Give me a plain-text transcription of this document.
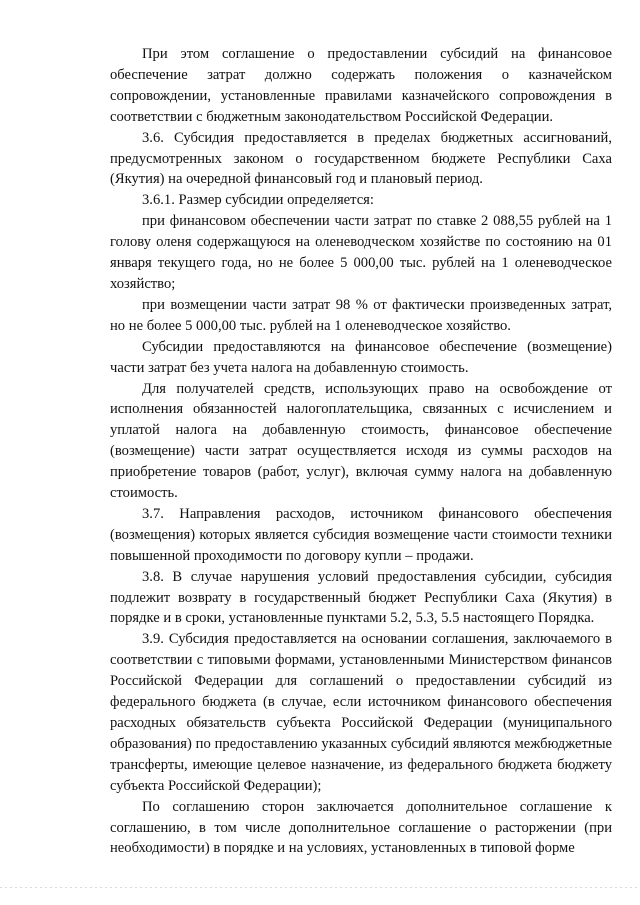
При этом соглашение о предоставлении субсидий на финансовое обеспечение затрат должно содержать положения о казначейском сопровождении, установленные правилами казначейского сопровождения в соответствии с бюджетным законодательством Российской Федерации.

3.6. Субсидия предоставляется в пределах бюджетных ассигнований, предусмотренных законом о государственном бюджете Республики Саха (Якутия) на очередной финансовый год и плановый период.

3.6.1. Размер субсидии определяется:

при финансовом обеспечении части затрат по ставке 2 088,55 рублей на 1 голову оленя содержащуюся на оленеводческом хозяйстве по состоянию на 01 января текущего года, но не более 5 000,00 тыс. рублей на 1 оленеводческое хозяйство;

при возмещении части затрат 98 % от фактически произведенных затрат, но не более 5 000,00 тыс. рублей на 1 оленеводческое хозяйство.

Субсидии предоставляются на финансовое обеспечение (возмещение) части затрат без учета налога на добавленную стоимость.

Для получателей средств, использующих право на освобождение от исполнения обязанностей налогоплательщика, связанных с исчислением и уплатой налога на добавленную стоимость, финансовое обеспечение (возмещение) части затрат осуществляется исходя из суммы расходов на приобретение товаров (работ, услуг), включая сумму налога на добавленную стоимость.

3.7. Направления расходов, источником финансового обеспечения (возмещения) которых является субсидия возмещение части стоимости техники повышенной проходимости по договору купли – продажи.

3.8. В случае нарушения условий предоставления субсидии, субсидия подлежит возврату в государственный бюджет Республики Саха (Якутия) в порядке и в сроки, установленные пунктами 5.2, 5.3, 5.5 настоящего Порядка.

3.9. Субсидия предоставляется на основании соглашения, заключаемого в соответствии с типовыми формами, установленными Министерством финансов Российской Федерации для соглашений о предоставлении субсидий из федерального бюджета (в случае, если источником финансового обеспечения расходных обязательств субъекта Российской Федерации (муниципального образования) по предоставлению указанных субсидий являются межбюджетные трансферты, имеющие целевое назначение, из федерального бюджета бюджету субъекта Российской Федерации);

По соглашению сторон заключается дополнительное соглашение к соглашению, в том числе дополнительное соглашение о расторжении (при необходимости) в порядке и на условиях, установленных в типовой форме
